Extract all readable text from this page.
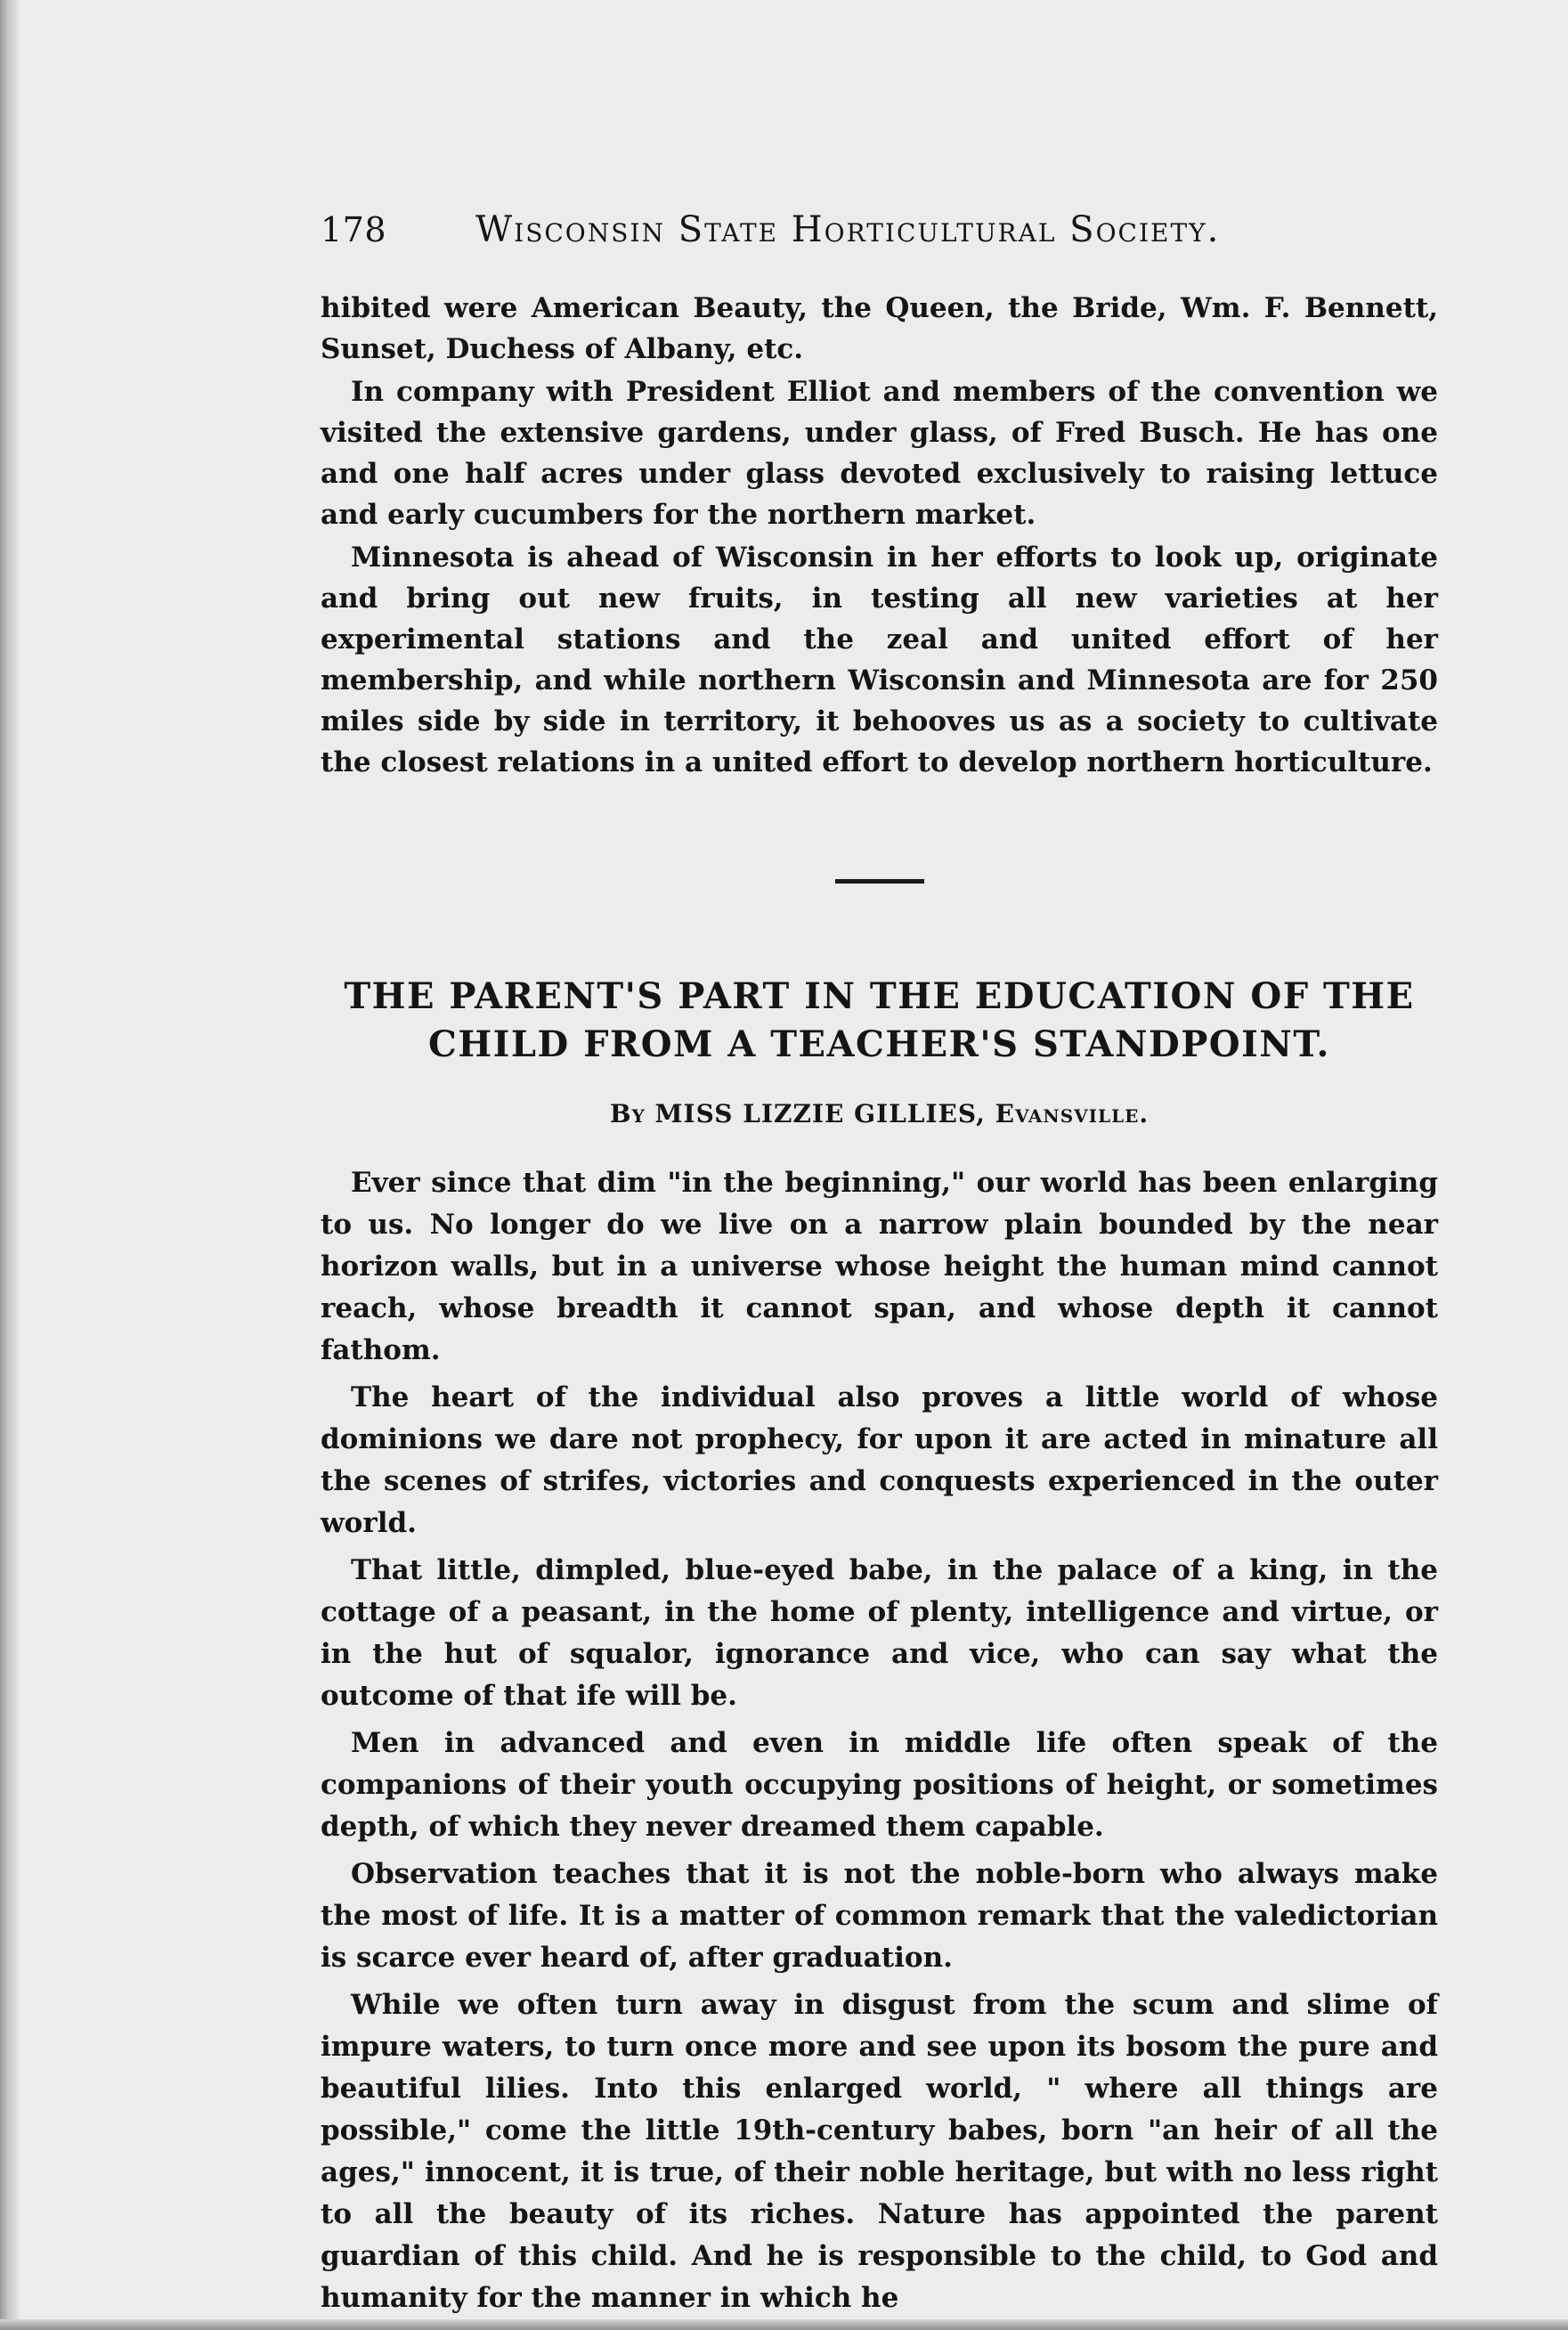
178	Wisconsin State Horticultural Society.

hibited were American Beauty, the Queen, the Bride, Wm. F. Bennett, Sunset, Duchess of Albany, etc.

In company with President Elliot and members of the convention we visited the extensive gardens, under glass, of Fred Busch. He has one and one half acres under glass devoted exclusively to raising lettuce and early cucumbers for the northern market.

Minnesota is ahead of Wisconsin in her efforts to look up, originate and bring out new fruits, in testing all new varieties at her experimental stations and the zeal and united effort of her membership, and while northern Wisconsin and Minnesota are for 250 miles side by side in territory, it behooves us as a society to cultivate the closest relations in a united effort to develop northern horticulture.

THE PARENT'S PART IN THE EDUCATION OF THE
CHILD FROM A TEACHER'S STANDPOINT.
By MISS LIZZIE GILLIES, Evansville.

Ever since that dim "in the beginning," our world has been enlarging to us. No longer do we live on a narrow plain bounded by the near horizon walls, but in a universe whose height the human mind cannot reach, whose breadth it cannot span, and whose depth it cannot fathom.

The heart of the individual also proves a little world of whose dominions we dare not prophecy, for upon it are acted in minature all the scenes of strifes, victories and conquests experienced in the outer world.

That little, dimpled, blue-eyed babe, in the palace of a king, in the cottage of a peasant, in the home of plenty, intelligence and virtue, or in the hut of squalor, ignorance and vice, who can say what the outcome of that ife will be.

Men in advanced and even in middle life often speak of the companions of their youth occupying positions of height, or sometimes depth, of which they never dreamed them capable.

Observation teaches that it is not the noble-born who always make the most of life. It is a matter of common remark that the valedictorian is scarce ever heard of, after graduation.

While we often turn away in disgust from the scum and slime of impure waters, to turn once more and see upon its bosom the pure and beautiful lilies. Into this enlarged world, " where all things are possible," come the little 19th-century babes, born "an heir of all the ages," innocent, it is true, of their noble heritage, but with no less right to all the beauty of its riches. Nature has appointed the parent guardian of this child. And he is responsible to the child, to God and humanity for the manner in which he
